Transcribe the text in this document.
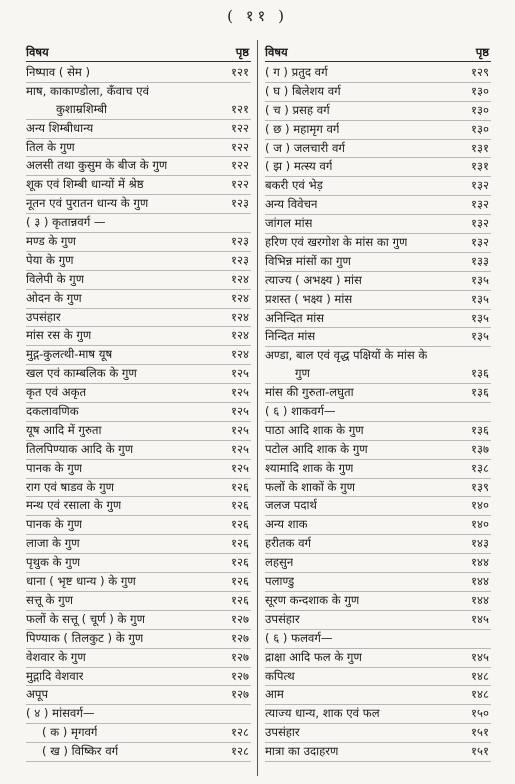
( ११ )
विषय	पृष्ठ
निष्पाव ( सेम )	१२१
माष, काकाण्डोला, कँवाच एवं
कुशाम्रशिम्बी	१२१
अन्य शिम्बीधान्य	१२२
तिल के गुण	१२२
अलसी तथा कुसुम के बीज के गुण	१२२
शूक एवं शिम्बी धान्यों में श्रेष्ठ	१२२
नूतन एवं पुरातन धान्य के गुण	१२३
( ३ ) कृतान्नवर्ग —
मण्ड के गुण	१२३
पेया के गुण	१२३
विलेपी के गुण	१२४
ओदन के गुण	१२४
उपसंहार	१२४
मांस रस के गुण	१२४
मुद्ग-कुलत्थी-माष यूष	१२४
खल एवं काम्बलिक के गुण	१२५
कृत एवं अकृत	१२५
दकलावणिक	१२५
यूष आदि में गुरुता	१२५
तिलपिण्याक आदि के गुण	१२५
पानक के गुण	१२५
राग एवं षाडव के गुण	१२६
मन्थ एवं रसाला के गुण	१२६
पानक के गुण	१२६
लाजा के गुण	१२६
पृथुक के गुण	१२६
धाना ( भृष्ट धान्य ) के गुण	१२६
सत्तू के गुण	१२६
फलों के सत्तू ( चूर्ण ) के गुण	१२७
पिण्याक ( तिलकुट ) के गुण	१२७
वेशवार के गुण	१२७
मुद्गादि वेशवार	१२७
अपूप	१२७
( ४ ) मांसवर्ग—
( क ) मृगवर्ग	१२८
( ख ) विष्किर वर्ग	१२८
विषय	पृष्ठ
( ग ) प्रतुद वर्ग	१२९
( घ ) बिलेशय वर्ग	१३०
( च ) प्रसह वर्ग	१३०
( छ ) महामृग वर्ग	१३०
( ज ) जलचारी वर्ग	१३१
( झ ) मत्स्य वर्ग	१३१
बकरी एवं भेड़	१३२
अन्य विवेचन	१३२
जांगल मांस	१३२
हरिण एवं खरगोश के मांस का गुण	१३२
विभिन्न मांसों का गुण	१३३
त्याज्य ( अभक्ष्य ) मांस	१३५
प्रशस्त ( भक्ष्य ) मांस	१३५
अनिन्दित मांस	१३५
निन्दित मांस	१३५
अण्डा, बाल एवं वृद्ध पक्षियों के मांस के
गुण	१३६
मांस की गुरुता-लघुता	१३६
( ६ ) शाकवर्ग—
पाठा आदि शाक के गुण	१३६
पटोल आदि शाक के गुण	१३७
श्यामादि शाक के गुण	१३८
फलों के शाकों के गुण	१३९
जलज पदार्थ	१४०
अन्य शाक	१४०
हरीतक वर्ग	१४३
लहसुन	१४४
पलाण्डु	१४४
सूरण कन्दशाक के गुण	१४४
उपसंहार	१४५
( ६ ) फलवर्ग—
द्राक्षा आदि फल के गुण	१४५
कपित्थ	१४८
आम	१४८
त्याज्य धान्य, शाक एवं फल	१५०
उपसंहार	१५१
मात्रा का उदाहरण	१५१
